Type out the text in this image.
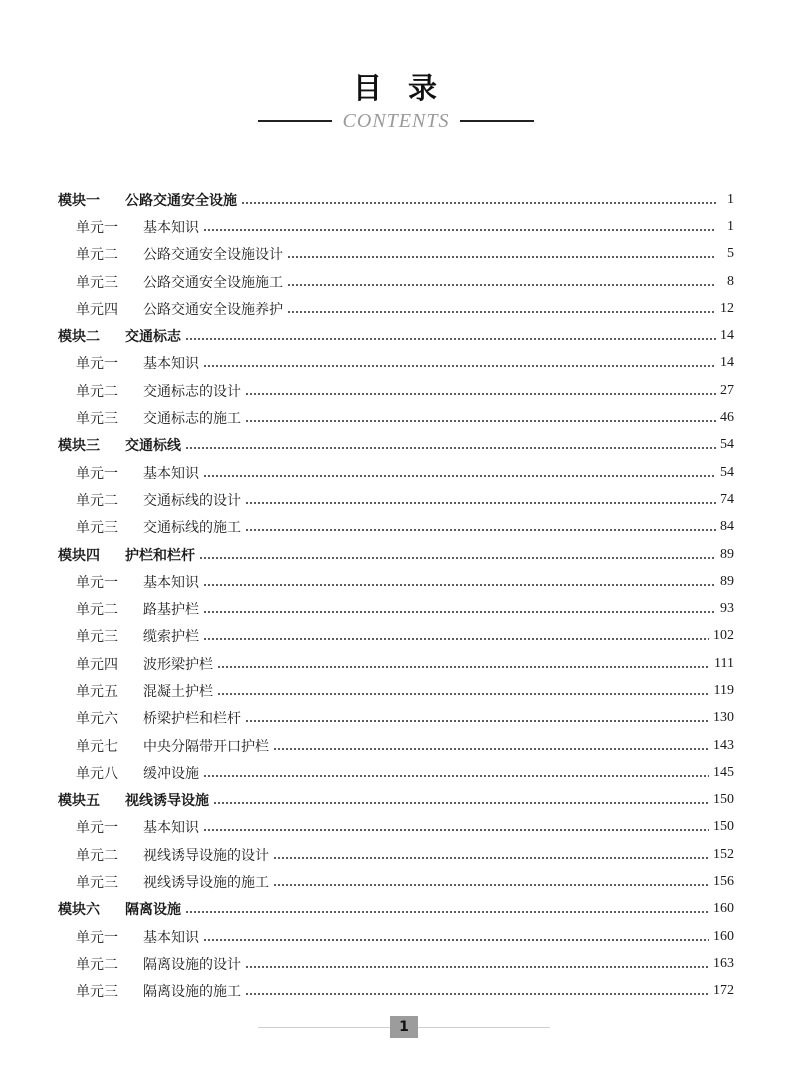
目录
CONTENTS
模块一	公路交通安全设施	1
单元一	基本知识	1
单元二	公路交通安全设施设计	5
单元三	公路交通安全设施施工	8
单元四	公路交通安全设施养护	12
模块二	交通标志	14
单元一	基本知识	14
单元二	交通标志的设计	27
单元三	交通标志的施工	46
模块三	交通标线	54
单元一	基本知识	54
单元二	交通标线的设计	74
单元三	交通标线的施工	84
模块四	护栏和栏杆	89
单元一	基本知识	89
单元二	路基护栏	93
单元三	缆索护栏	102
单元四	波形梁护栏	111
单元五	混凝土护栏	119
单元六	桥梁护栏和栏杆	130
单元七	中央分隔带开口护栏	143
单元八	缓冲设施	145
模块五	视线诱导设施	150
单元一	基本知识	150
单元二	视线诱导设施的设计	152
单元三	视线诱导设施的施工	156
模块六	隔离设施	160
单元一	基本知识	160
单元二	隔离设施的设计	163
单元三	隔离设施的施工	172
1
